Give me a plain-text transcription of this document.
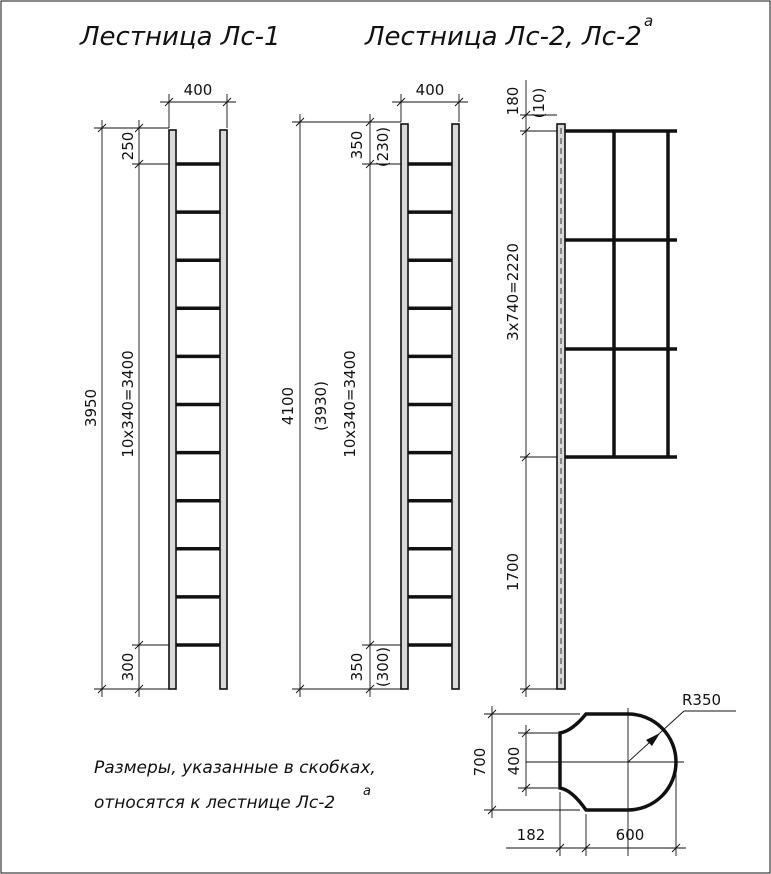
Лестница Лс-1	Лестница Лс-2, Лс-2
а
400
3950
250
10х340=3400
300
400
4100 (3930) 10х340=3400
350 (230)
350 (300)
180 (10)
3х740=2220
1700
R350
700 400
182	600
Размеры, указанные в скобках,
относятся к лестнице Лс-2
а
